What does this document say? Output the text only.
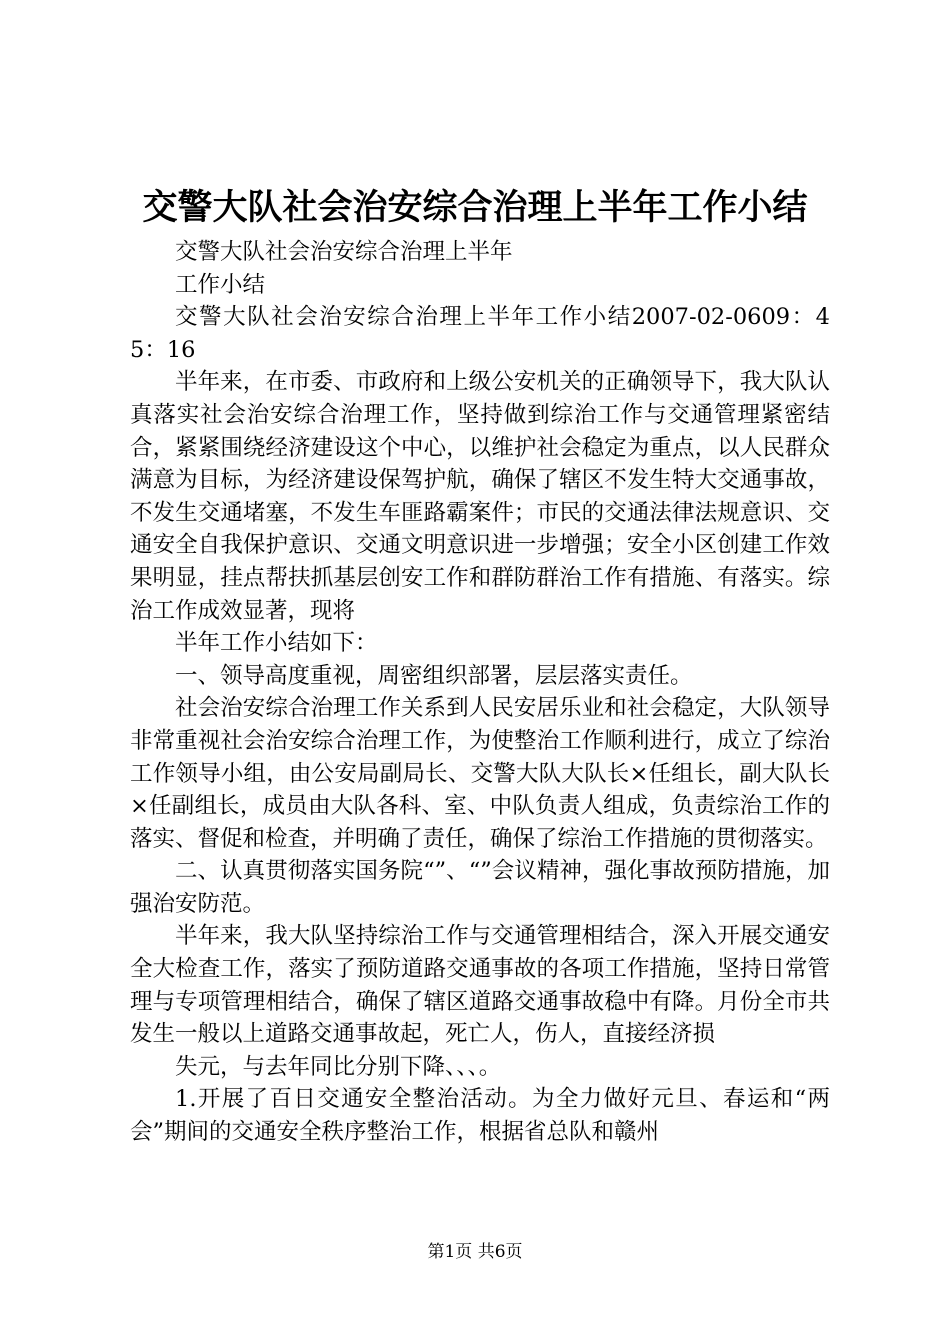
交警大队社会治安综合治理上半年工作小结

交警大队社会治安综合治理上半年

工作小结

交警大队社会治安综合治理上半年工作小结2007-02-0609：45：16

半年来，在市委、市政府和上级公安机关的正确领导下，我大队认真落实社会治安综合治理工作，坚持做到综治工作与交通管理紧密结合，紧紧围绕经济建设这个中心，以维护社会稳定为重点，以人民群众满意为目标，为经济建设保驾护航，确保了辖区不发生特大交通事故，不发生交通堵塞，不发生车匪路霸案件；市民的交通法律法规意识、交通安全自我保护意识、交通文明意识进一步增强；安全小区创建工作效果明显，挂点帮扶抓基层创安工作和群防群治工作有措施、有落实。综治工作成效显著，现将

半年工作小结如下：

一、领导高度重视，周密组织部署，层层落实责任。

社会治安综合治理工作关系到人民安居乐业和社会稳定，大队领导非常重视社会治安综合治理工作，为使整治工作顺利进行，成立了综治工作领导小组，由公安局副局长、交警大队大队长×任组长，副大队长×任副组长，成员由大队各科、室、中队负责人组成，负责综治工作的落实、督促和检查，并明确了责任，确保了综治工作措施的贯彻落实。

二、认真贯彻落实国务院“”、“”会议精神，强化事故预防措施，加强治安防范。

半年来，我大队坚持综治工作与交通管理相结合，深入开展交通安全大检查工作，落实了预防道路交通事故的各项工作措施，坚持日常管理与专项管理相结合，确保了辖区道路交通事故稳中有降。月份全市共发生一般以上道路交通事故起，死亡人，伤人，直接经济损

失元，与去年同比分别下降、、、。

1.开展了百日交通安全整治活动。为全力做好元旦、春运和“两会”期间的交通安全秩序整治工作，根据省总队和赣州

第1页 共6页
